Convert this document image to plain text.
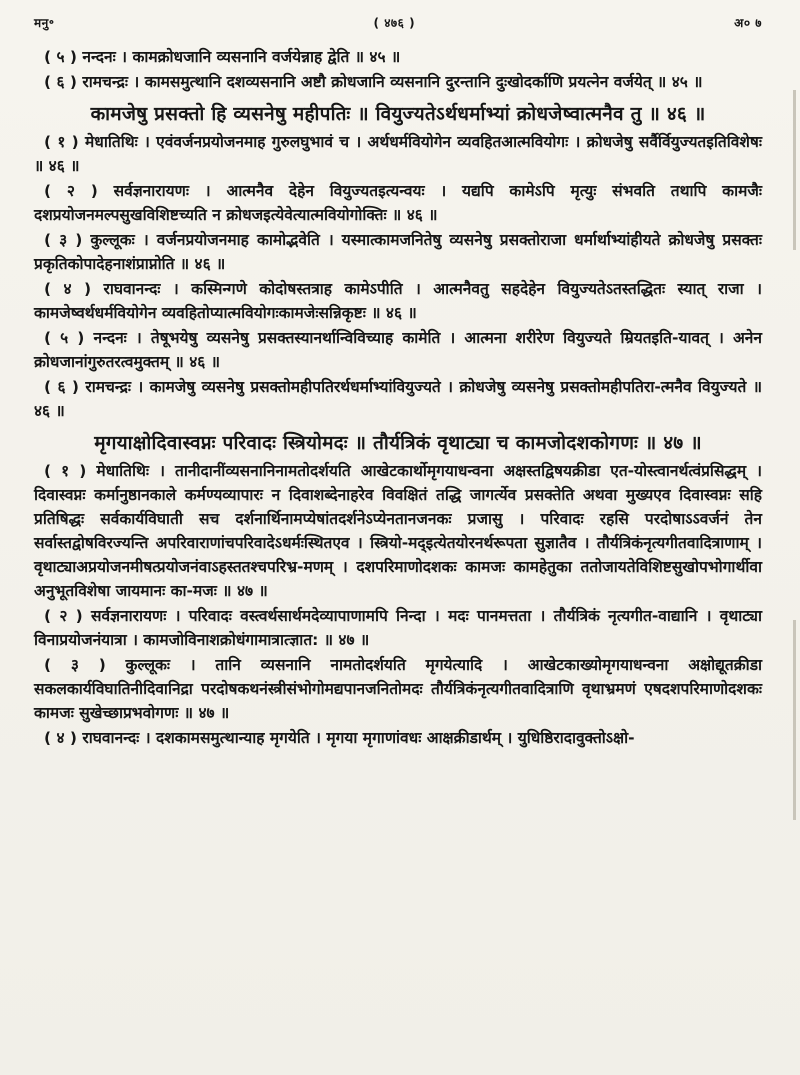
मनु॰	( ४७६ )	अ० ७

( ५ ) नन्दनः । कामक्रोधजानि व्यसनानि वर्जयेन्नाह द्वेति ॥ ४५ ॥

( ६ ) रामचन्द्रः । कामसमुत्थानि दशव्यसनानि अष्टौ क्रोधजानि व्यसनानि दुरन्तानि दुःखोदर्काणि प्रयत्नेन वर्जयेत् ॥ ४५ ॥

कामजेषु प्रसक्तो हि व्यसनेषु महीपतिः ॥ वियुज्यतेऽर्थधर्माभ्यां क्रोधजेष्वात्मनैव तु ॥ ४६ ॥

( १ ) मेधातिथिः । एवंवर्जनप्रयोजनमाह गुरुलघुभावं च । अर्थधर्मवियोगेन व्यवहितआत्मवियोगः । क्रोधजेषु सर्वैर्वियुज्यतइतिविशेषः ॥ ४६ ॥

( २ ) सर्वज्ञनारायणः । आत्मनैव देहेन वियुज्यतइत्यन्वयः । यद्यपि कामेऽपि मृत्युः संभवति तथापि कामजैः दशप्रयोजनमल्पसुखविशिष्टच्यति न क्रोधजइत्येवेत्यात्मवियोगोक्तिः ॥ ४६ ॥

( ३ ) कुल्लूकः । वर्जनप्रयोजनमाह कामोद्भवेति । यस्मात्कामजनितेषु व्यसनेषु प्रसक्तोराजा धर्मार्थाभ्यांहीयते क्रोधजेषु प्रसक्तः प्रकृतिकोपादेहनाशंप्राप्नोति ॥ ४६ ॥

( ४ ) राघवानन्दः । कस्मिन्गणे कोदोषस्तत्राह कामेऽपीति । आत्मनैवतु सहदेहेन वियुज्यतेऽतस्तद्धितः स्यात् राजा । कामजेष्वर्थधर्मवियोगेन व्यवहितोप्यात्मवियोगःकामजेःसन्निकृष्टः ॥ ४६ ॥

( ५ ) नन्दनः । तेषूभयेषु व्यसनेषु प्रसक्तस्यानर्थान्विविच्याह कामेति । आत्मना शरीरेण वियुज्यते म्रियतइति-यावत् । अनेन क्रोधजानांगुरुतरत्वमुक्तम् ॥ ४६ ॥

( ६ ) रामचन्द्रः । कामजेषु व्यसनेषु प्रसक्तोमहीपतिरर्थधर्माभ्यांवियुज्यते । क्रोधजेषु व्यसनेषु प्रसक्तोमहीपतिरा-त्मनैव वियुज्यते ॥ ४६ ॥

मृगयाक्षोदिवास्वप्नः परिवादः स्त्रियोमदः ॥ तौर्यत्रिकं वृथाट्या च कामजोदशकोगणः ॥ ४७ ॥

( १ ) मेधातिथिः । तानीदानींव्यसनानिनामतोदर्शयति आखेटकार्थोमृगयाधन्वना अक्षस्तद्विषयक्रीडा एत-योस्त्वानर्थत्वंप्रसिद्धम् । दिवास्वप्नः कर्मानुष्ठानकाले कर्मण्यव्यापारः न दिवाशब्देनाहरेव विवक्षितं तद्धि जागर्त्येव प्रसक्तेति अथवा मुख्यएव दिवास्वप्नः सहि प्रतिषिद्धः सर्वकार्यविघाती सच दर्शनार्थिनामप्येषांतदर्शनेऽप्येनतानजनकः प्रजासु । परिवादः रहसि परदोषाऽऽवर्जनं तेन सर्वास्तद्वोषविरज्यन्ति अपरिवाराणांचपरिवादेऽधर्मःस्थितएव । स्त्रियो-मद्इत्येतयोरनर्थरूपता सुज्ञातैव । तौर्यत्रिकंनृत्यगीतवादित्राणाम् । वृथाट्याअप्रयोजनमीषत्प्रयोजनंवाऽहस्ततश्चपरिभ्र-मणम् । दशपरिमाणोदशकः कामजः कामहेतुका ततोजायतेविशिष्टसुखोपभोगार्थीवा अनुभूतविशेषा जायमानः का-मजः ॥ ४७ ॥

( २ ) सर्वज्ञनारायणः । परिवादः वस्त्वर्थसार्थमदेव्यापाणामपि निन्दा । मदः पानमत्तता । तौर्यत्रिकं नृत्यगीत-वाद्यानि । वृथाट्या विनाप्रयोजनंयात्रा । कामजोविनाशक्रोधंगामात्रात्ज्ञात: ॥ ४७ ॥

( ३ ) कुल्लूकः । तानि व्यसनानि नामतोदर्शयति मृगयेत्यादि । आखेटकाख्योमृगयाधन्वना अक्षोद्यूतक्रीडा सकलकार्यविघातिनीदिवानिद्रा परदोषकथनंस्त्रीसंभोगोमद्यपानजनितोमदः तौर्यत्रिकंनृत्यगीतवादित्राणि वृथाभ्रमणं एषदशपरिमाणोदशकः कामजः सुखेच्छाप्रभवोगणः ॥ ४७ ॥

( ४ ) राघवानन्दः । दशकामसमुत्थान्याह मृगयेति । मृगया मृगाणांवधः आक्षक्रीडार्थम् । युधिष्ठिरादावुक्तोऽक्षो-
